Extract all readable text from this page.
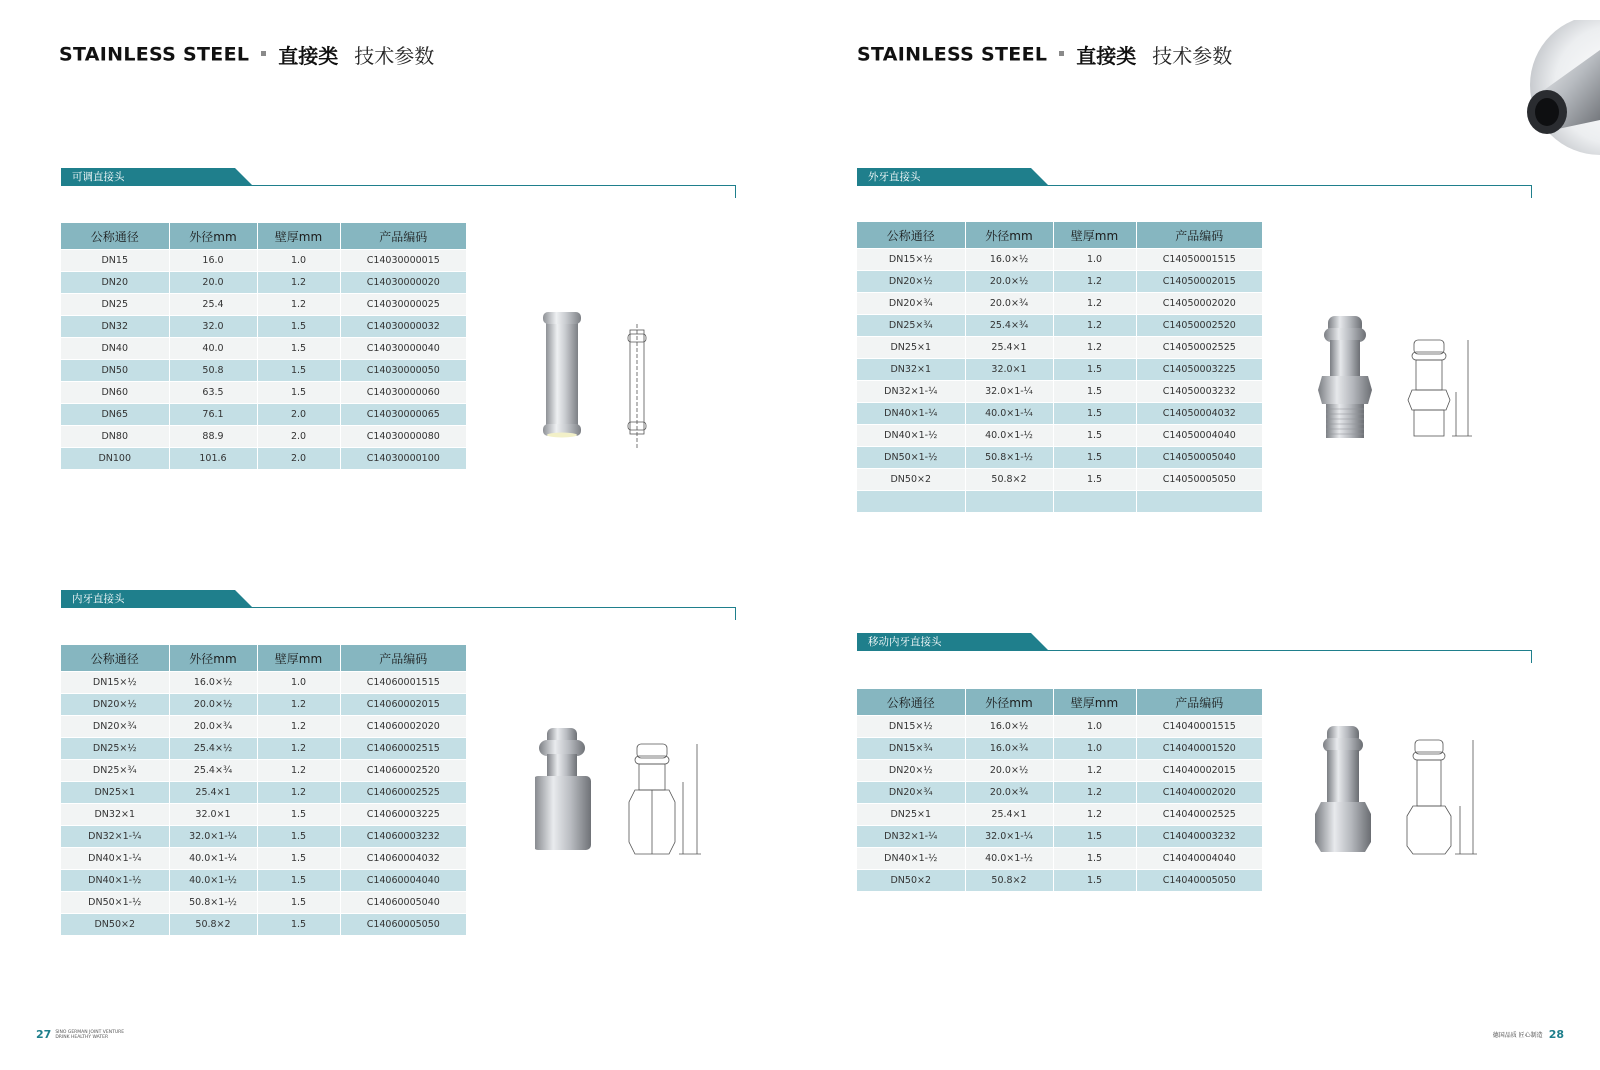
STAINLESS STEEL 直接类 技术参数
可调直接头
公称通径	外径mm	壁厚mm	产品编码
DN15	16.0	1.0	C14030000015
DN20	20.0	1.2	C14030000020
DN25	25.4	1.2	C14030000025
DN32	32.0	1.5	C14030000032
DN40	40.0	1.5	C14030000040
DN50	50.8	1.5	C14030000050
DN60	63.5	1.5	C14030000060
DN65	76.1	2.0	C14030000065
DN80	88.9	2.0	C14030000080
DN100	101.6	2.0	C14030000100
内牙直接头
公称通径	外径mm	壁厚mm	产品编码
DN15×½	16.0×½	1.0	C14060001515
DN20×½	20.0×½	1.2	C14060002015
DN20×¾	20.0×¾	1.2	C14060002020
DN25×½	25.4×½	1.2	C14060002515
DN25×¾	25.4×¾	1.2	C14060002520
DN25×1	25.4×1	1.2	C14060002525
DN32×1	32.0×1	1.5	C14060003225
DN32×1-¼	32.0×1-¼	1.5	C14060003232
DN40×1-¼	40.0×1-¼	1.5	C14060004032
DN40×1-½	40.0×1-½	1.5	C14060004040
DN50×1-½	50.8×1-½	1.5	C14060005040
DN50×2	50.8×2	1.5	C14060005050
STAINLESS STEEL 直接类 技术参数
外牙直接头
公称通径	外径mm	壁厚mm	产品编码
DN15×½	16.0×½	1.0	C14050001515
DN20×½	20.0×½	1.2	C14050002015
DN20×¾	20.0×¾	1.2	C14050002020
DN25×¾	25.4×¾	1.2	C14050002520
DN25×1	25.4×1	1.2	C14050002525
DN32×1	32.0×1	1.5	C14050003225
DN32×1-¼	32.0×1-¼	1.5	C14050003232
DN40×1-¼	40.0×1-¼	1.5	C14050004032
DN40×1-½	40.0×1-½	1.5	C14050004040
DN50×1-½	50.8×1-½	1.5	C14050005040
DN50×2	50.8×2	1.5	C14050005050

移动内牙直接头
公称通径	外径mm	壁厚mm	产品编码
DN15×½	16.0×½	1.0	C14040001515
DN15×¾	16.0×¾	1.0	C14040001520
DN20×½	20.0×½	1.2	C14040002015
DN20×¾	20.0×¾	1.2	C14040002020
DN25×1	25.4×1	1.2	C14040002525
DN32×1-¼	32.0×1-¼	1.5	C14040003232
DN40×1-½	40.0×1-½	1.5	C14040004040
DN50×2	50.8×2	1.5	C14040005050
27 SINO GERMAN JOINT VENTURE
DRINK HEALTHY WATER	德国品质 匠心制造 28
